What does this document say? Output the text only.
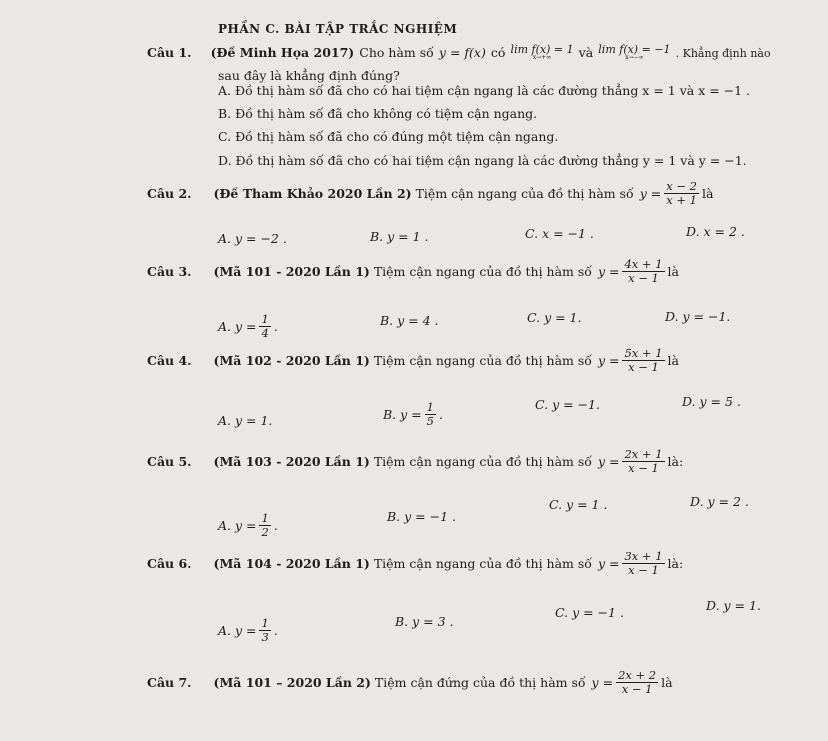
PHẦN C. BÀI TẬP TRẮC NGHIỆM
Câu 1. (Đề Minh Họa 2017) Cho hàm số y = f(x) có lim f(x) = 1
x→+∞ và lim f(x) = −1
x→−∞	. Khẳng định nào
sau đây là khẳng định đúng?
A. Đồ thị hàm số đã cho có hai tiệm cận ngang là các đường thẳng x = 1 và x = −1 .
B. Đồ thị hàm số đã cho không có tiệm cận ngang.
C. Đồ thị hàm số đã cho có đúng một tiệm cận ngang.
D. Đồ thị hàm số đã cho có hai tiệm cận ngang là các đường thẳng y = 1 và y = −1.
Câu 2. (Đề Tham Khảo 2020 Lần 2) Tiệm cận ngang của đồ thị hàm số $y = \frac{x - 2}{x + 1}$ là
A. y = −2 .	B. y = 1 .	C. x = −1 .	D. x = 2 .
Câu 3. (Mã 101 - 2020 Lần 1) Tiệm cận ngang của đồ thị hàm số $y = \frac{4x + 1}{x - 1}$ là
A. $y = \frac{1}{4}$ .	B. y = 4 .	C. y = 1.	D. y = −1.
Câu 4. (Mã 102 - 2020 Lần 1) Tiệm cận ngang của đồ thị hàm số $y = \frac{5x + 1}{x - 1}$ là
A. y = 1.	B. $y = \frac{1}{5}$ .
C. y = −1.	D. y = 5 .
Câu 5. (Mã 103 - 2020 Lần 1) Tiệm cận ngang của đồ thị hàm số $y = \frac{2x + 1}{x - 1}$ là:
A. $y = \frac{1}{2}$ .
B. y = −1 .
C. y = 1 .	D. y = 2 .
Câu 6. (Mã 104 - 2020 Lần 1) Tiệm cận ngang của đồ thị hàm số $y = \frac{3x + 1}{x - 1}$ là:
A. $y = \frac{1}{3}$ .
B. y = 3 .
C. y = −1 .	D. y = 1.
Câu 7. (Mã 101 – 2020 Lần 2) Tiệm cận đứng của đồ thị hàm số $y = \frac{2x + 2}{x - 1}$ là
